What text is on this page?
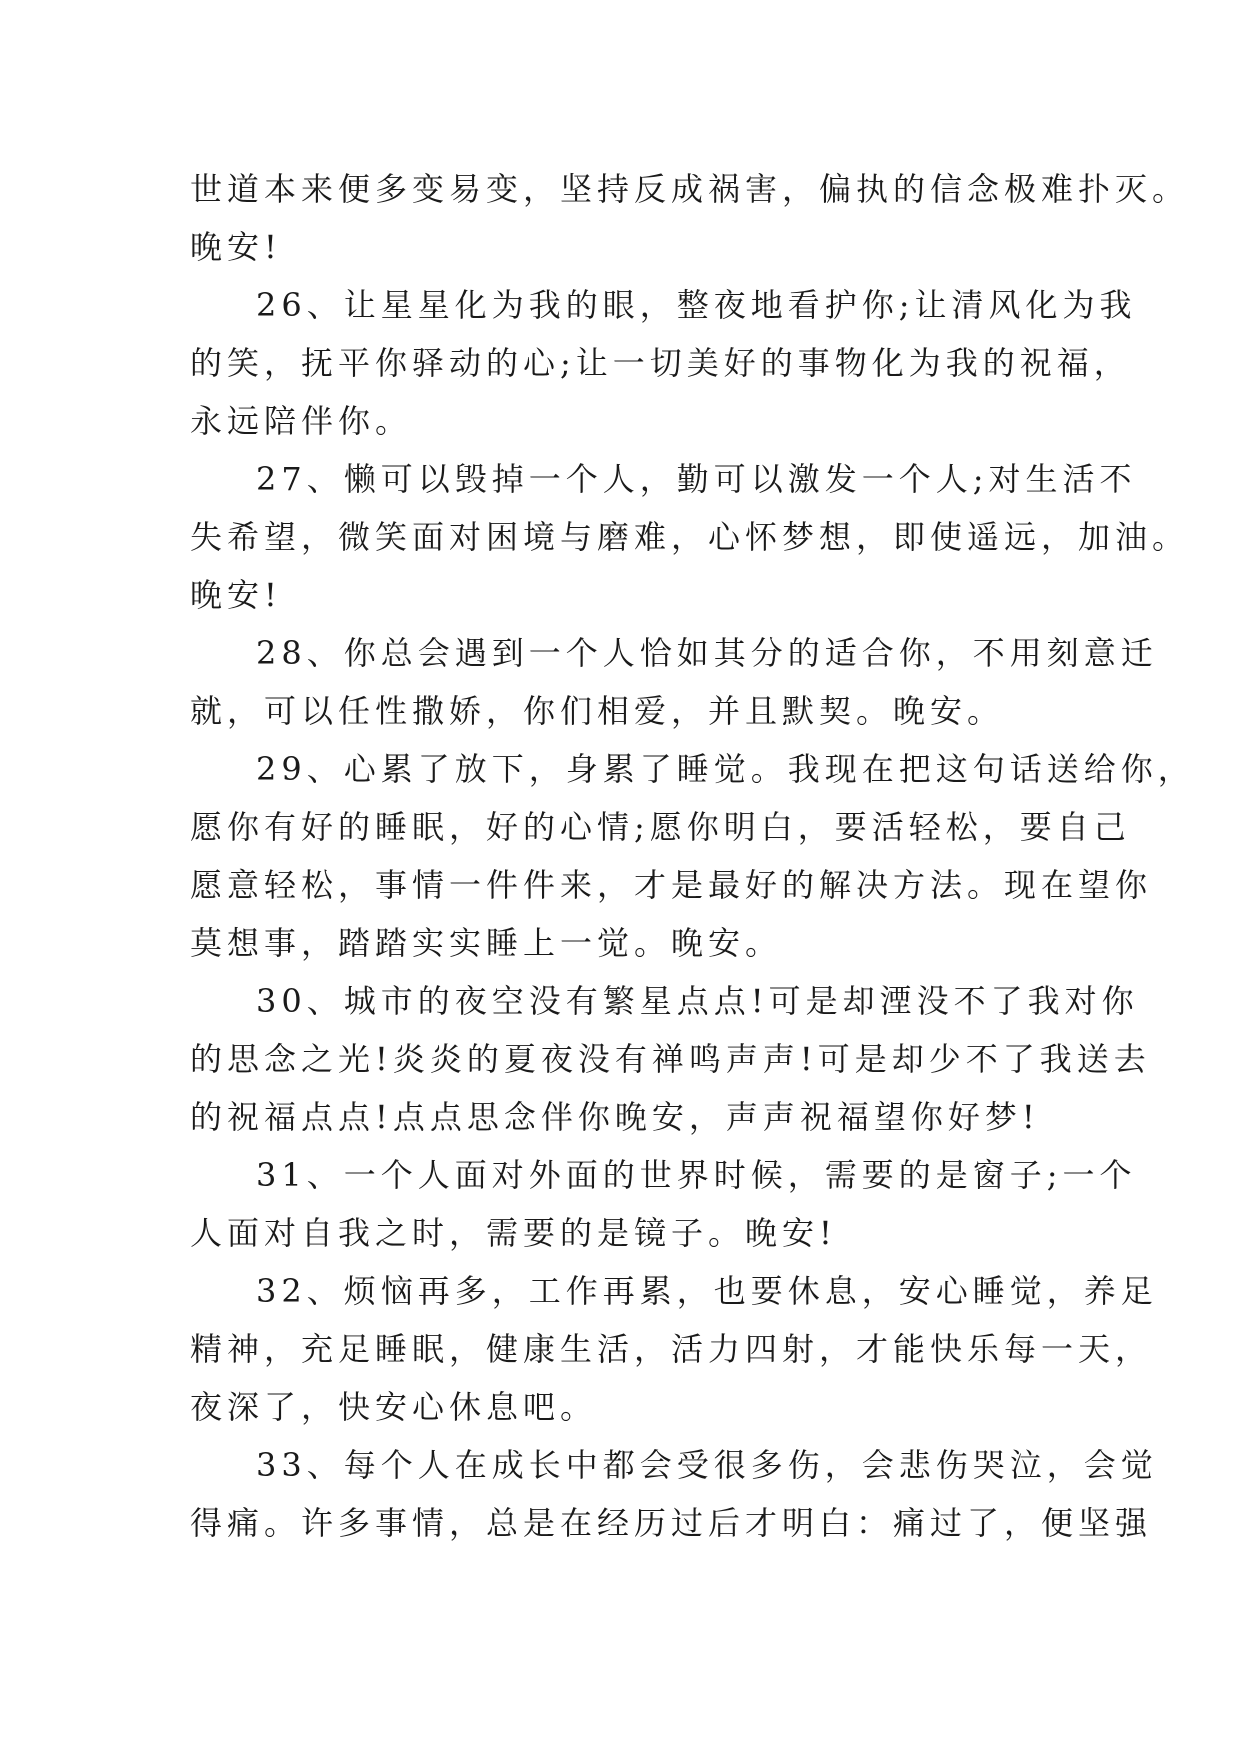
世道本来便多变易变，坚持反成祸害，偏执的信念极难扑灭。
晚安!
26、让星星化为我的眼，整夜地看护你;让清风化为我
的笑，抚平你驿动的心;让一切美好的事物化为我的祝福，
永远陪伴你。
27、懒可以毁掉一个人，勤可以激发一个人;对生活不
失希望，微笑面对困境与磨难，心怀梦想，即使遥远，加油。
晚安!
28、你总会遇到一个人恰如其分的适合你，不用刻意迁
就，可以任性撒娇，你们相爱，并且默契。晚安。
29、心累了放下，身累了睡觉。我现在把这句话送给你，
愿你有好的睡眠，好的心情;愿你明白，要活轻松，要自己
愿意轻松，事情一件件来，才是最好的解决方法。现在望你
莫想事，踏踏实实睡上一觉。晚安。
30、城市的夜空没有繁星点点!可是却湮没不了我对你
的思念之光!炎炎的夏夜没有禅鸣声声!可是却少不了我送去
的祝福点点!点点思念伴你晚安，声声祝福望你好梦!
31、一个人面对外面的世界时候，需要的是窗子;一个
人面对自我之时，需要的是镜子。晚安!
32、烦恼再多，工作再累，也要休息，安心睡觉，养足
精神，充足睡眠，健康生活，活力四射，才能快乐每一天，
夜深了，快安心休息吧。
33、每个人在成长中都会受很多伤，会悲伤哭泣，会觉
得痛。许多事情，总是在经历过后才明白：痛过了，便坚强
